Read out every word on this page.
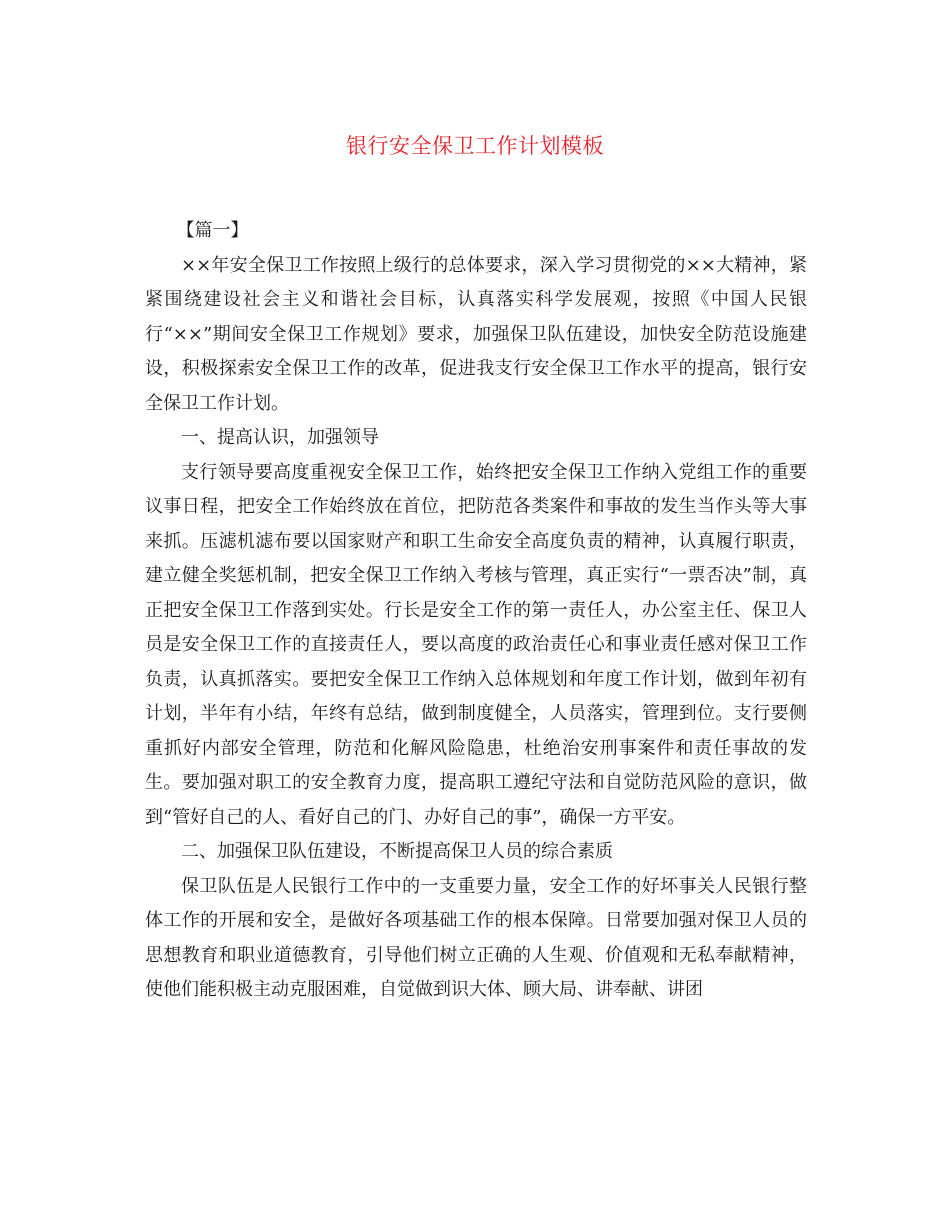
银行安全保卫工作计划模板

【篇一】

××年安全保卫工作按照上级行的总体要求，深入学习贯彻党的××大精神，紧紧围绕建设社会主义和谐社会目标，认真落实科学发展观，按照《中国人民银行“××”期间安全保卫工作规划》要求，加强保卫队伍建设，加快安全防范设施建设，积极探索安全保卫工作的改革，促进我支行安全保卫工作水平的提高，银行安全保卫工作计划。

一、提高认识，加强领导

支行领导要高度重视安全保卫工作，始终把安全保卫工作纳入党组工作的重要议事日程，把安全工作始终放在首位，把防范各类案件和事故的发生当作头等大事来抓。压滤机滤布要以国家财产和职工生命安全高度负责的精神，认真履行职责，建立健全奖惩机制，把安全保卫工作纳入考核与管理，真正实行“一票否决”制，真正把安全保卫工作落到实处。行长是安全工作的第一责任人，办公室主任、保卫人员是安全保卫工作的直接责任人，要以高度的政治责任心和事业责任感对保卫工作负责，认真抓落实。要把安全保卫工作纳入总体规划和年度工作计划，做到年初有计划，半年有小结，年终有总结，做到制度健全，人员落实，管理到位。支行要侧重抓好内部安全管理，防范和化解风险隐患，杜绝治安刑事案件和责任事故的发生。要加强对职工的安全教育力度，提高职工遵纪守法和自觉防范风险的意识，做到“管好自己的人、看好自己的门、办好自己的事”，确保一方平安。

二、加强保卫队伍建设，不断提高保卫人员的综合素质

保卫队伍是人民银行工作中的一支重要力量，安全工作的好坏事关人民银行整体工作的开展和安全，是做好各项基础工作的根本保障。日常要加强对保卫人员的思想教育和职业道德教育，引导他们树立正确的人生观、价值观和无私奉献精神，使他们能积极主动克服困难，自觉做到识大体、顾大局、讲奉献、讲团
